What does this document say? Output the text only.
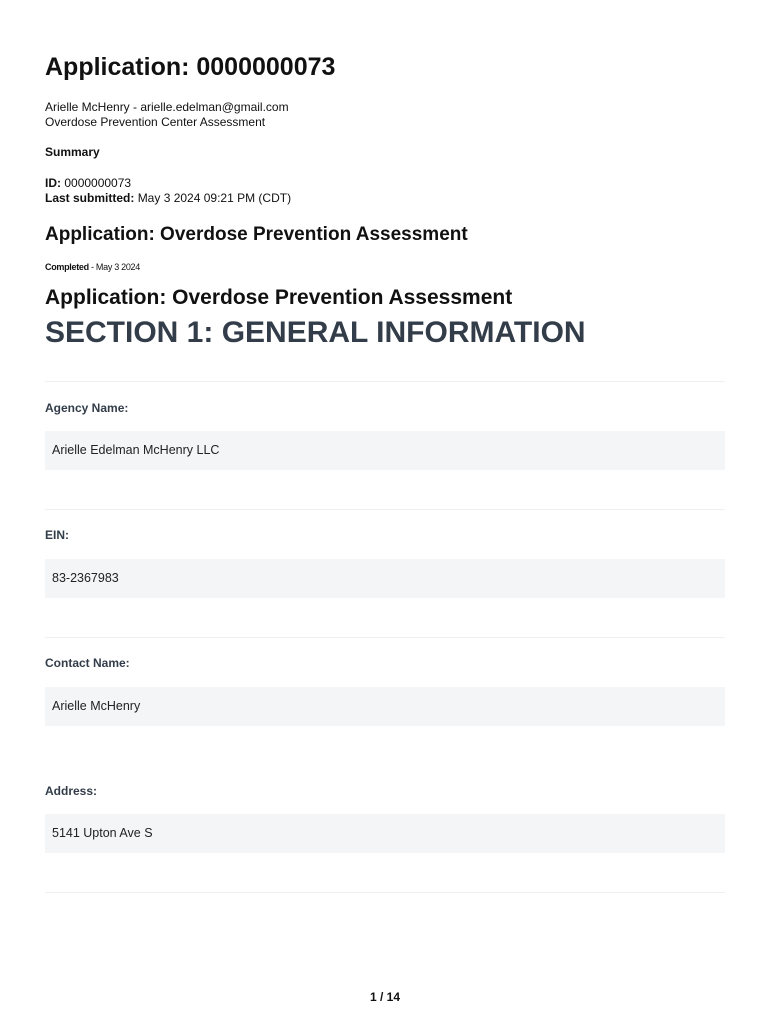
Application: 0000000073
Arielle McHenry - arielle.edelman@gmail.com
Overdose Prevention Center Assessment
Summary
ID: 0000000073
Last submitted: May 3 2024 09:21 PM (CDT)
Application: Overdose Prevention Assessment
Completed - May 3 2024
Application: Overdose Prevention Assessment
SECTION 1: GENERAL INFORMATION
Agency Name:
Arielle Edelman McHenry LLC
EIN:
83-2367983
Contact Name:
Arielle McHenry
Address:
5141 Upton Ave S
1 / 14
